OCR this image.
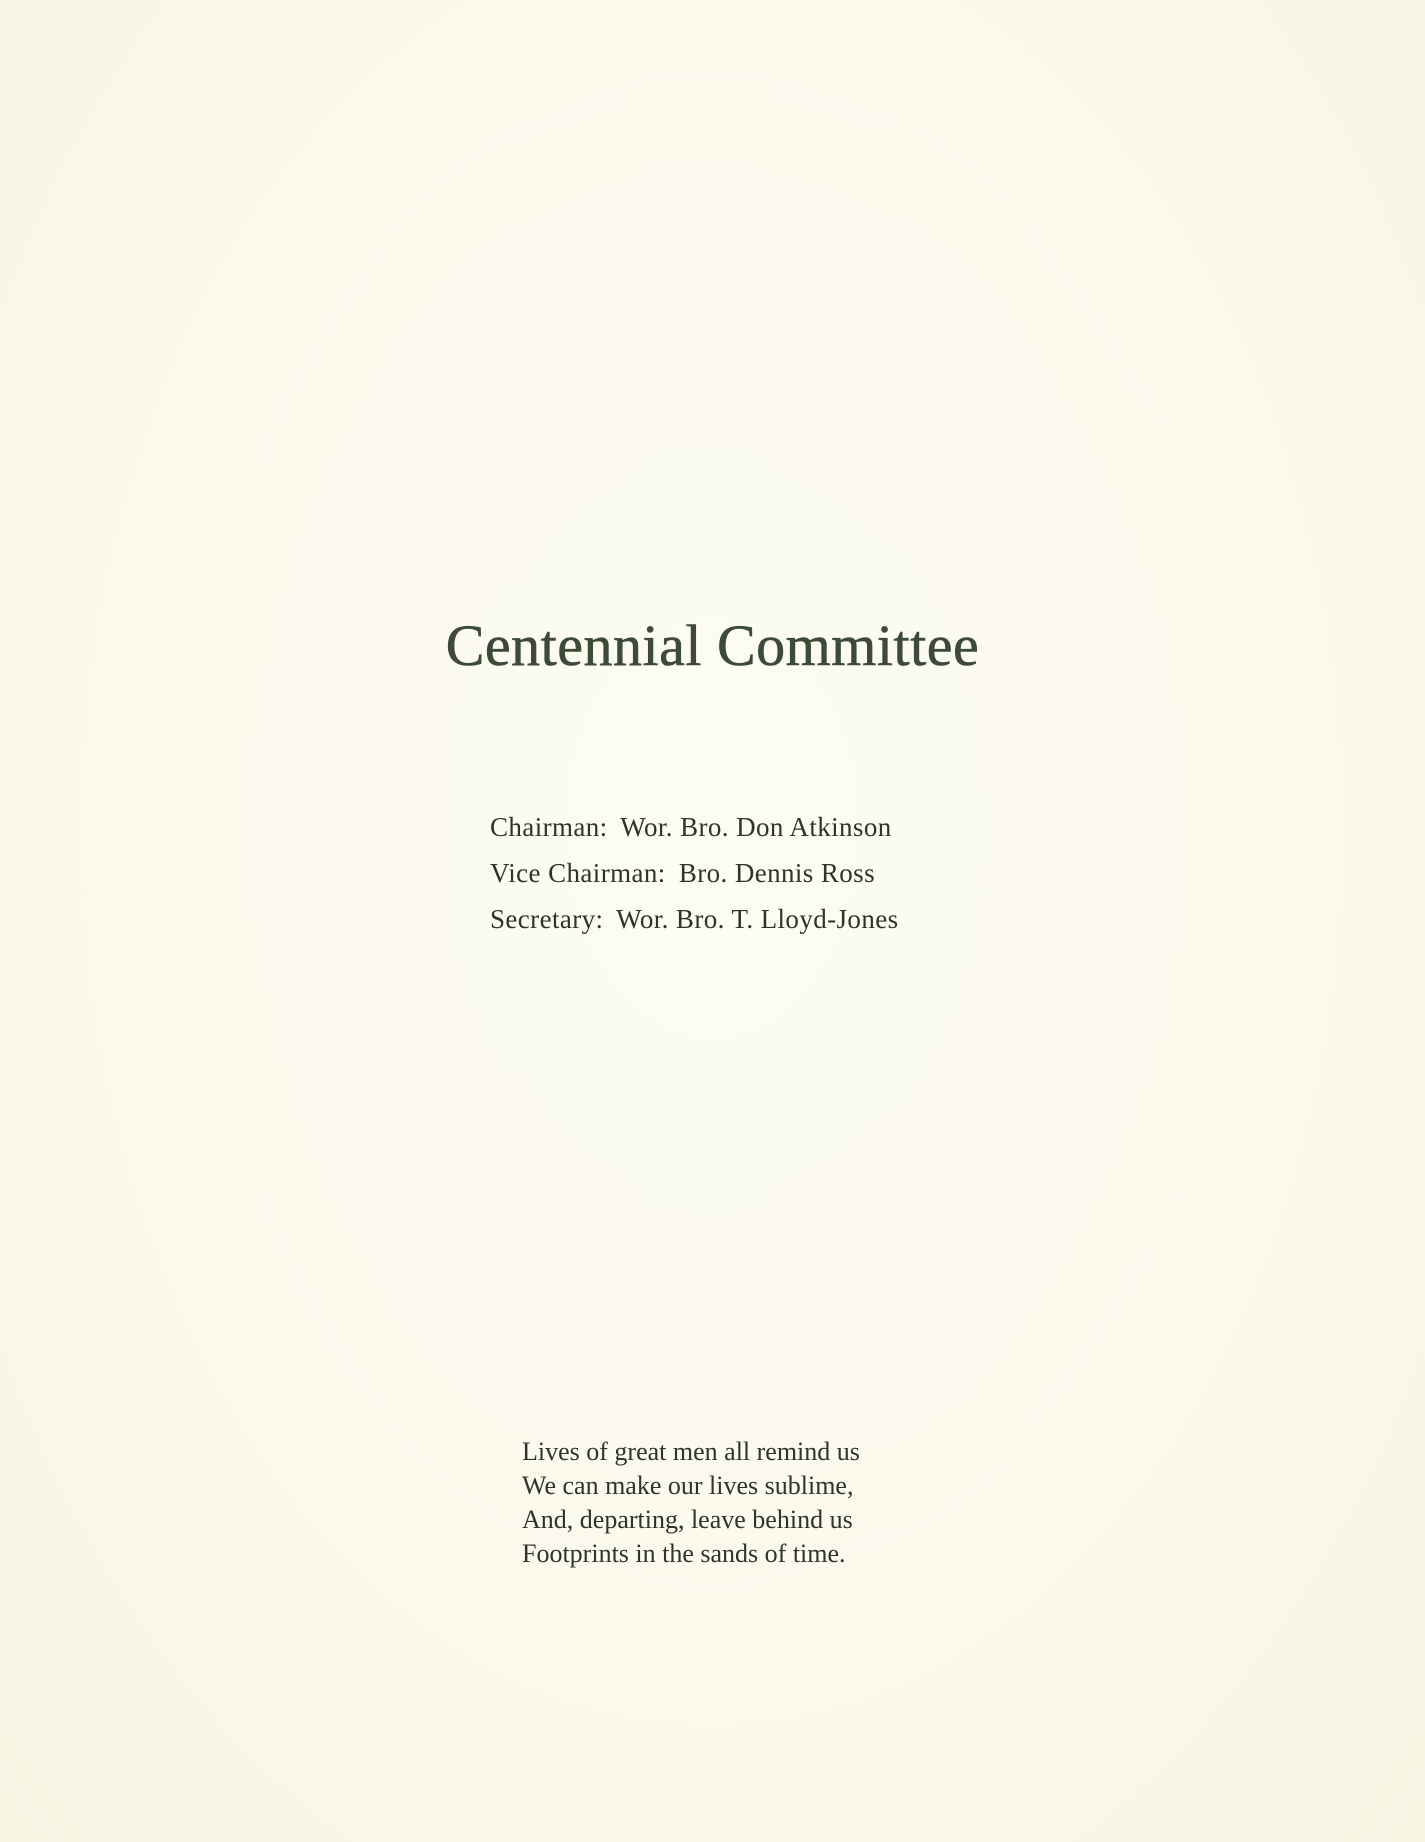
Centennial Committee
Chairman: Wor. Bro. Don Atkinson
Vice Chairman: Bro. Dennis Ross
Secretary: Wor. Bro. T. Lloyd-Jones
Lives of great men all remind us
We can make our lives sublime,
And, departing, leave behind us
Footprints in the sands of time.
